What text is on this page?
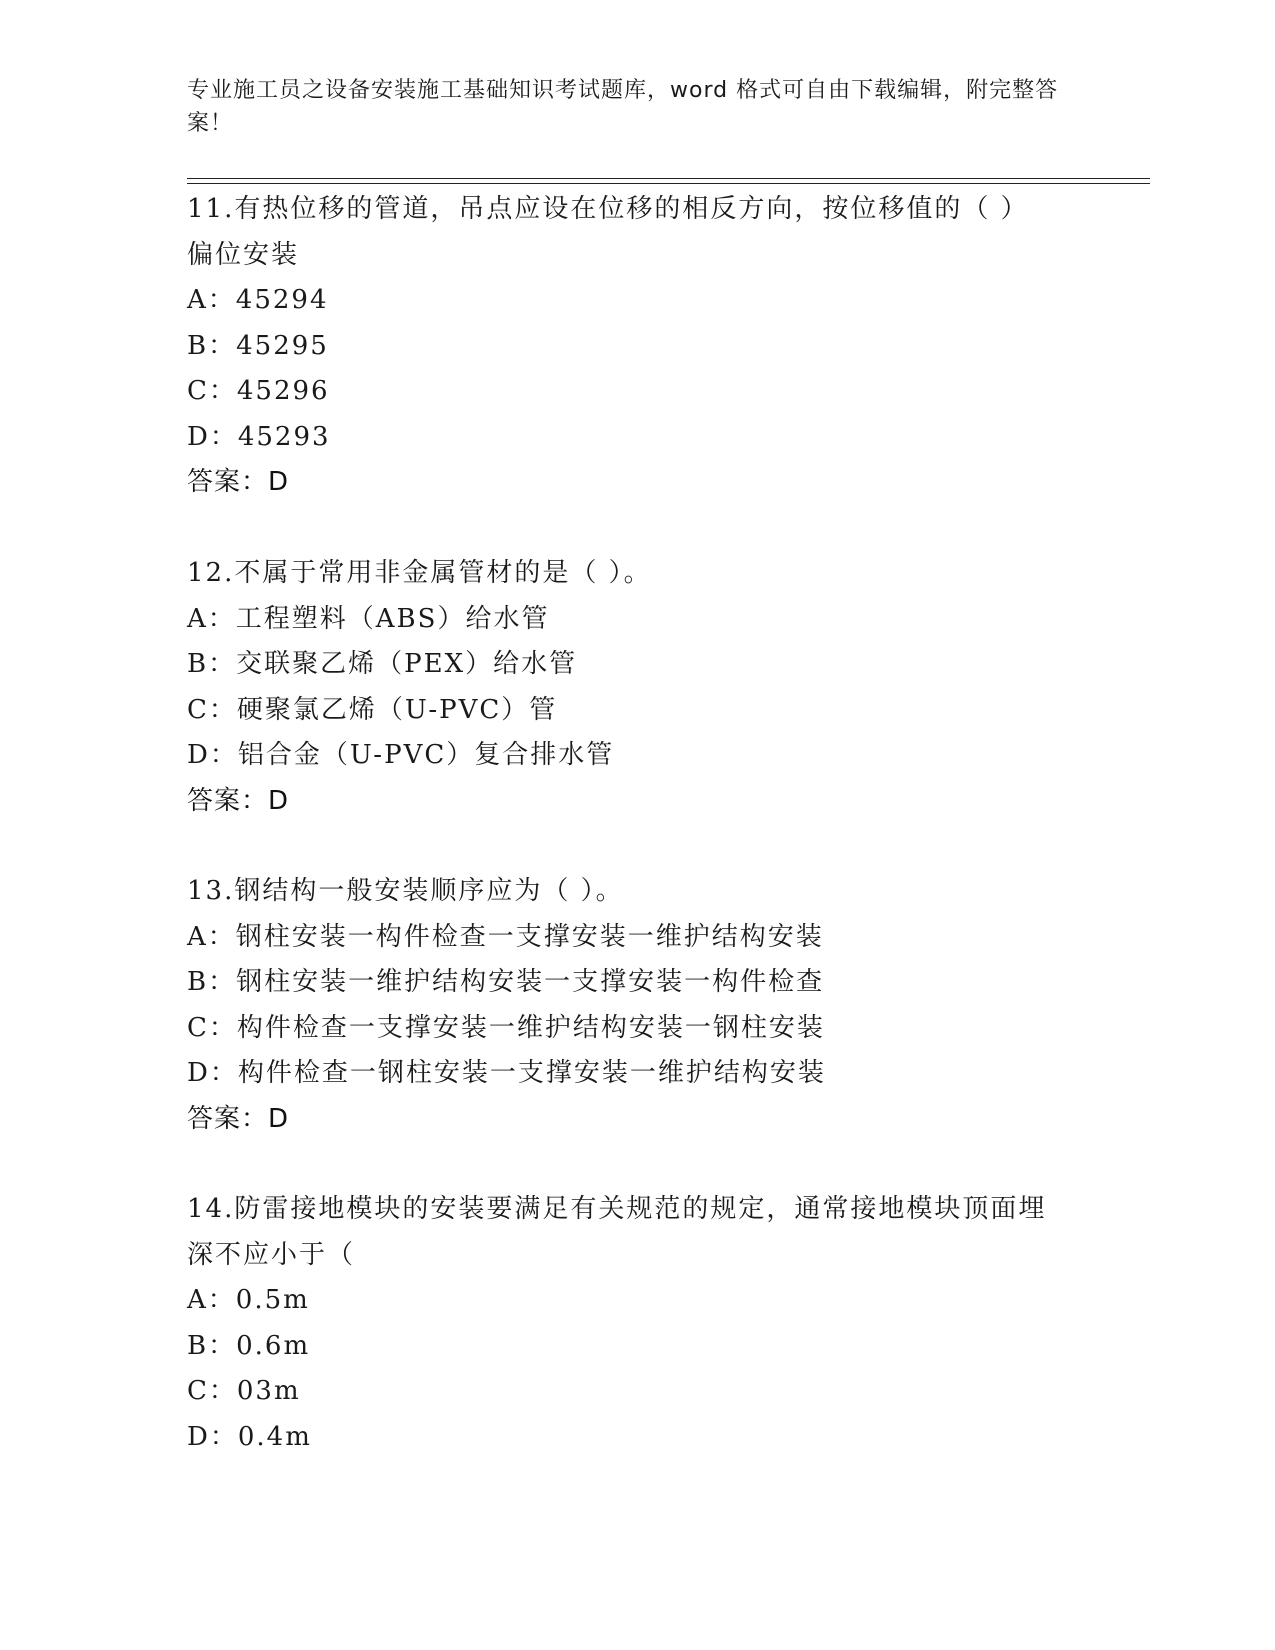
专业施工员之设备安装施工基础知识考试题库，word 格式可自由下载编辑，附完整答案！
11.有热位移的管道，吊点应设在位移的相反方向，按位移值的（ ）偏位安装
A：45294
B：45295
C：45296
D：45293
答案：D
12.不属于常用非金属管材的是（ ）。
A：工程塑料（ABS）给水管
B：交联聚乙烯（PEX）给水管
C：硬聚氯乙烯（U-PVC）管
D：铝合金（U-PVC）复合排水管
答案：D
13.钢结构一般安装顺序应为（ ）。
A：钢柱安装一构件检查一支撑安装一维护结构安装
B：钢柱安装一维护结构安装一支撑安装一构件检查
C：构件检查一支撑安装一维护结构安装一钢柱安装
D：构件检查一钢柱安装一支撑安装一维护结构安装
答案：D
14.防雷接地模块的安装要满足有关规范的规定，通常接地模块顶面埋深不应小于（
A：0.5m
B：0.6m
C：03m
D：0.4m
